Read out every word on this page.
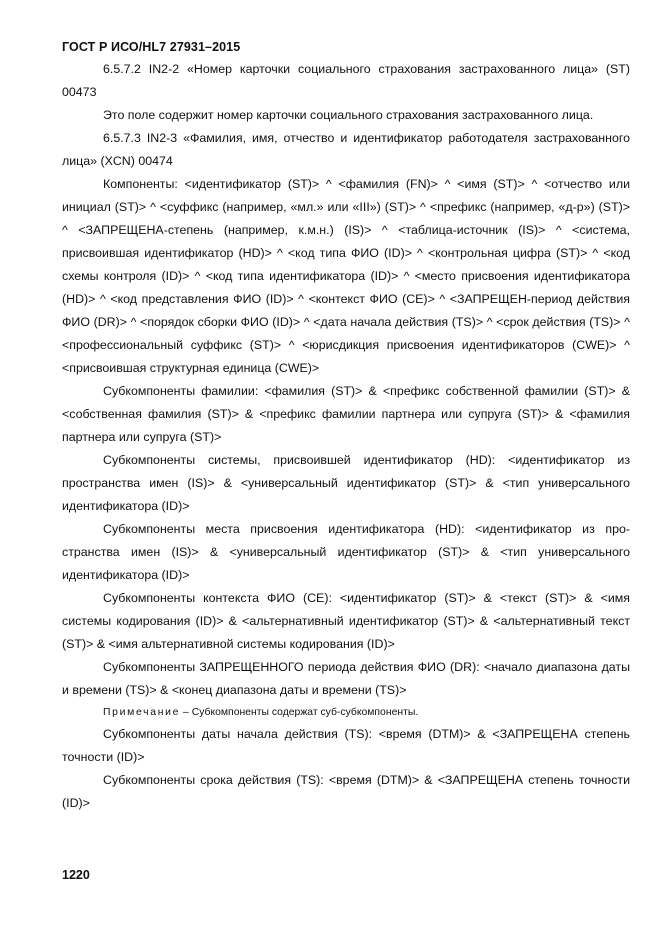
ГОСТ Р ИСО/HL7 27931–2015

6.5.7.2 IN2-2 «Номер карточки социального страхования застрахованного лица» (ST) 00473

Это поле содержит номер карточки социального страхования застрахованного лица.

6.5.7.3 IN2-3 «Фамилия, имя, отчество и идентификатор работодателя застрахованного лица» (XCN) 00474

Компоненты: <идентификатор (ST)> ^ <фамилия (FN)> ^ <имя (ST)> ^ <отчество или инициал (ST)> ^ <суффикс (например, «мл.» или «III») (ST)> ^ <префикс (например, «д-р») (ST)> ^ <ЗАПРЕЩЕНА-степень (например, к.м.н.) (IS)> ^ <таблица-источник (IS)> ^ <система, присвоившая идентификатор (HD)> ^ <код типа ФИО (ID)> ^ <контрольная цифра (ST)> ^ <код схемы контроля (ID)> ^ <код типа идентификатора (ID)> ^ <место присвоения идентификатора (HD)> ^ <код представления ФИО (ID)> ^ <контекст ФИО (CE)> ^ <ЗАПРЕЩЕН-период действия ФИО (DR)> ^ <порядок сборки ФИО (ID)> ^ <дата начала действия (TS)> ^ <срок действия (TS)> ^ <профессиональный суффикс (ST)> ^ <юрисдикция присвоения идентификаторов (CWE)> ^ <присвоившая структурная единица (CWE)>

Субкомпоненты фамилии: <фамилия (ST)> & <префикс собственной фамилии (ST)> & <собственная фамилия (ST)> & <префикс фамилии партнера или супруга (ST)> & <фамилия партнера или супруга (ST)>

Субкомпоненты системы, присвоившей идентификатор (HD): <идентификатор из пространства имен (IS)> & <универсальный идентификатор (ST)> & <тип универсального идентификатора (ID)>

Субкомпоненты места присвоения идентификатора (HD): <идентификатор из пространства имен (IS)> & <универсальный идентификатор (ST)> & <тип универсального идентификатора (ID)>

Субкомпоненты контекста ФИО (CE): <идентификатор (ST)> & <текст (ST)> & <имя системы кодирования (ID)> & <альтернативный идентификатор (ST)> & <альтернативный текст (ST)> & <имя альтернативной системы кодирования (ID)>

Субкомпоненты ЗАПРЕЩЕННОГО периода действия ФИО (DR): <начало диапазона даты и времени (TS)> & <конец диапазона даты и времени (TS)>

Примечание – Субкомпоненты содержат суб-субкомпоненты.

Субкомпоненты даты начала действия (TS): <время (DTM)> & <ЗАПРЕЩЕНА степень точности (ID)>

Субкомпоненты срока действия (TS): <время (DTM)> & <ЗАПРЕЩЕНА степень точности (ID)>

1220
